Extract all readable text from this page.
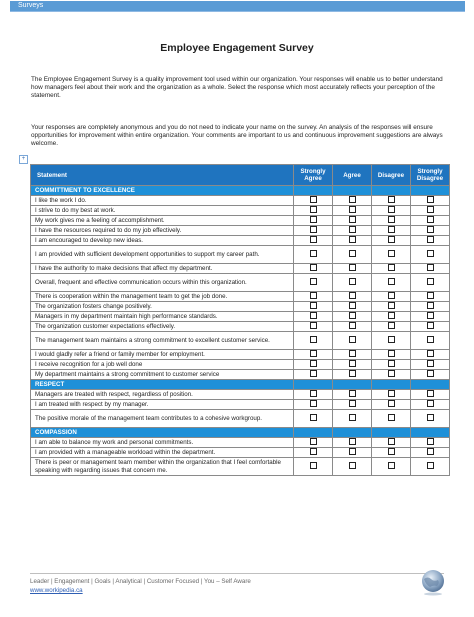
Surveys
Employee Engagement Survey

The Employee Engagement Survey is a quality improvement tool used within our organization. Your responses will enable us to better understand how managers feel about their work and the organization as a whole. Select the response which most accurately reflects your perception of the statement.

Your responses are completely anonymous and you do not need to indicate your name on the survey. An analysis of the responses will ensure opportunities for improvement within entire organization. Your comments are important to us and continuous improvement suggestions are always welcome.

+
Statement	Strongly Agree	Agree	Disagree	Strongly Disagree
COMMITTMENT TO EXCELLENCE				
I like the work I do.				
I strive to do my best at work.				
My work gives me a feeling of accomplishment.				
I have the resources required to do my job effectively.				
I am encouraged to develop new ideas.				
I am provided with sufficient development opportunities to support my career path.				
I have the authority to make decisions that affect my department.				
Overall, frequent and effective communication occurs within this organization.				
There is cooperation within the management team to get the job done.				
The organization fosters change positively.				
Managers in my department maintain high performance standards.				
The organization customer expectations effectively.				
The management team maintains a strong commitment to excellent customer service.				
I would gladly refer a friend or family member for employment.				
I receive recognition for a job well done				
My department maintains a strong commitment to customer service				
RESPECT				
Managers are treated with respect, regardless of position.				
I am treated with respect by my manager.				
The positive morale of the management team contributes to a cohesive workgroup.				
COMPASSION				
I am able to balance my work and personal commitments.				
I am provided with a manageable workload within the department.				
There is peer or management team member within the organization that I feel comfortable speaking with regarding issues that concern me.				
Leader | Engagement | Goals | Analytical | Customer Focused | You – Self Aware
www.workipedia.ca
